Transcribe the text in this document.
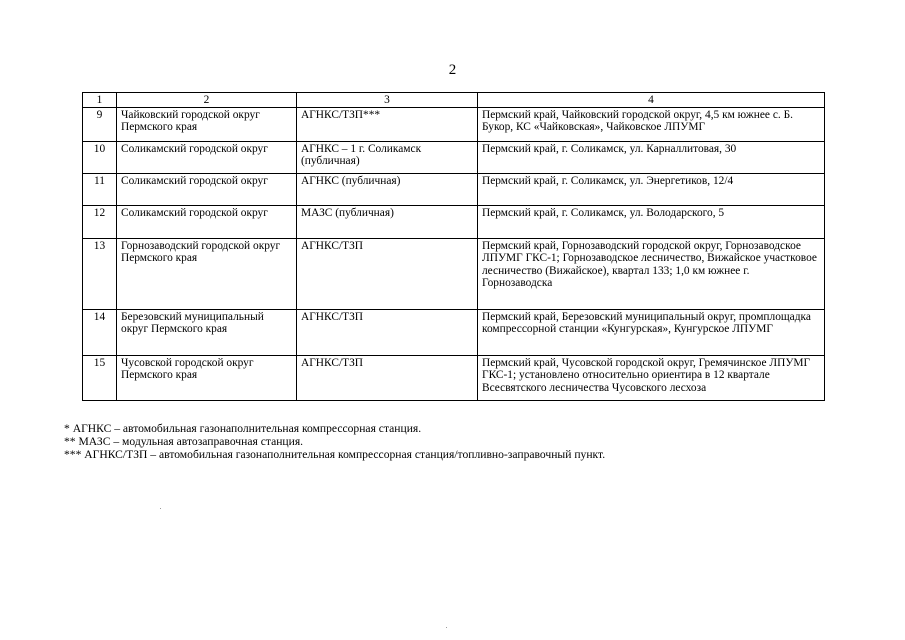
2
1	2	3	4
9	Чайковский городской округ Пермского края	АГНКС/ТЗП***	Пермский край, Чайковский городской округ, 4,5 км южнее с. Б. Букор, КС «Чайковская», Чайковское ЛПУМГ
10	Соликамский городской округ	АГНКС – 1 г. Соликамск (публичная)	Пермский край, г. Соликамск, ул. Карналлитовая, 30
11	Соликамский городской округ	АГНКС (публичная)	Пермский край, г. Соликамск, ул. Энергетиков, 12/4
12	Соликамский городской округ	МАЗС (публичная)	Пермский край, г. Соликамск, ул. Володарского, 5
13	Горнозаводский городской округ Пермского края	АГНКС/ТЗП	Пермский край, Горнозаводский городской округ, Горнозаводское ЛПУМГ ГКС-1; Горнозаводское лесничество, Вижайское участковое лесничество (Вижайское), квартал 133; 1,0 км южнее г. Горнозаводска
14	Березовский муниципальный округ Пермского края	АГНКС/ТЗП	Пермский край, Березовский муниципальный округ, промплощадка компрессорной станции «Кунгурская», Кунгурское ЛПУМГ
15	Чусовской городской округ Пермского края	АГНКС/ТЗП	Пермский край, Чусовской городской округ, Гремячинское ЛПУМГ ГКС-1; установлено относительно ориентира в 12 квартале Всесвятского лесничества Чусовского лесхоза
* АГНКС – автомобильная газонаполнительная компрессорная станция.
** МАЗС – модульная автозаправочная станция.
*** АГНКС/ТЗП – автомобильная газонаполнительная компрессорная станция/топливно-заправочный пункт.
